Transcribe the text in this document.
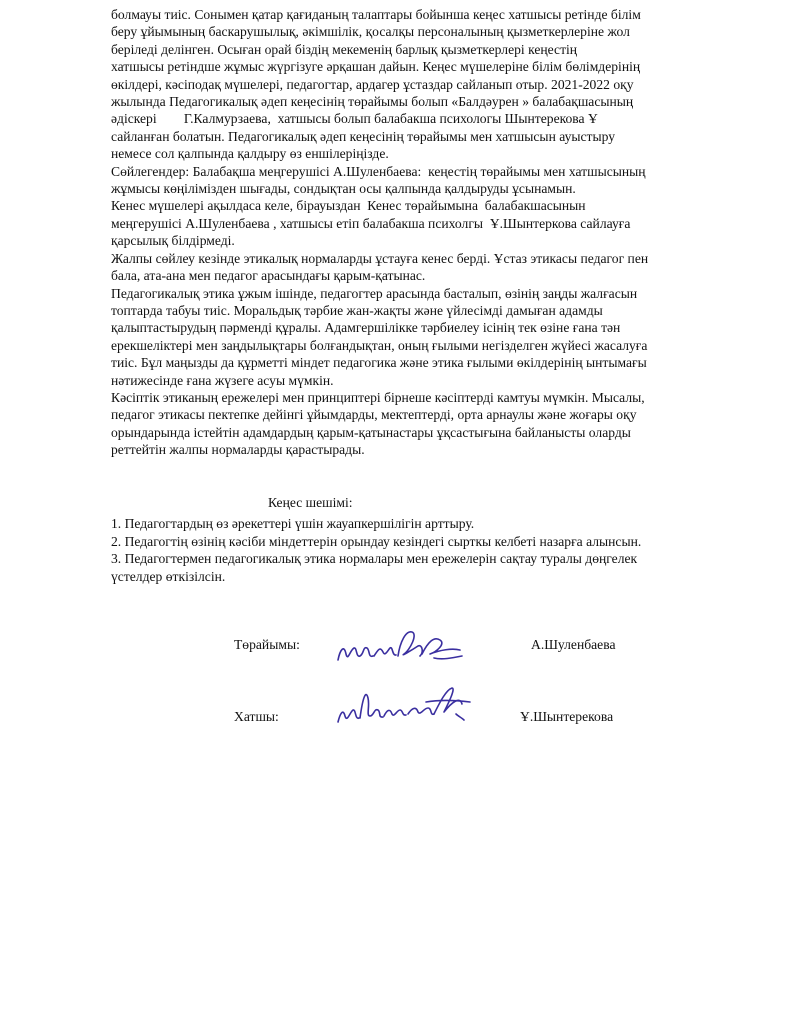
болмауы тиіс. Сонымен қатар қағиданың талаптары бойынша кеңес хатшысы ретінде білім
беру ұйымының баскарушылық, әкімшілік, қосалқы персоналының қызметкерлеріне жол
беріледі делінген. Осыған орай біздің мекеменің барлық қызметкерлері кеңестің
хатшысы ретіндше жұмыс жүргізуге әрқашан дайын. Кеңес мүшелеріне білім бөлімдерінің
өкілдері, кәсіподақ мүшелері, педагогтар, ардагер ұстаздар сайланып отыр. 2021-2022 оқу
жылында Педагогикалық әдеп кеңесінің төрайымы болып «Балдәурен » балабақшасының
әдіскері        Г.Калмурзаева,  хатшысы болып балабакша психологы Шынтерекова Ұ
сайланған болатын. Педагогикалық әдеп кеңесінің төрайымы мен хатшысын ауыстыру
немесе сол қалпында қалдыру өз еншілеріңізде.
Сөйлегендер: Балабақша меңгерушісі А.Шуленбаева:  кеңестің төрайымы мен хатшысының
жұмысы көңілімізден шығады, сондықтан осы қалпында қалдыруды ұсынамын.
Кенес мүшелері ақылдаса келе, бірауыздан  Кенес төрайымына  балабакшасынын
меңгерушісі А.Шуленбаева , хатшысы етіп балабакша психолгы  Ұ.Шынтеркова сайлауға
қарсылық білдірмеді.
Жалпы сөйлеу кезінде этикалық нормаларды ұстауға кенес берді. Ұстаз этикасы педагог пен
бала, ата-ана мен педагог арасындағы қарым-қатынас.
Педагогикалық этика ұжым ішінде, педагогтер арасында басталып, өзінің заңды жалғасын
топтарда табуы тиіс. Моральдық тәрбие жан-жақты және үйлесімді дамыған адамды
қалыптастырудың пәрменді құралы. Адамгершілікке тәрбиелеу ісінің тек өзіне ғана тән
ерекшеліктері мен заңдылықтары болғандықтан, оның ғылыми негізделген жүйесі жасалуға
тиіс. Бұл маңызды да құрметті міндет педагогика және этика ғылыми өкілдерінің ынтымағы
нәтижесінде ғана жүзеге асуы мүмкін.
Кәсіптік этиканың ережелері мен принциптері бірнеше кәсіптерді камтуы мүмкін. Мысалы,
педагог этикасы пектепке дейінгі ұйымдарды, мектептерді, орта арнаулы және жоғары оқу
орындарында істейтін адамдардың қарым-қатынастары ұқсастығына байланысты оларды
реттейтін жалпы нормаларды қарастырады.
Кеңес шешімі:
1. Педагогтардың өз әрекеттері үшін жауапкершілігін арттыру.
2. Педагогтің өзінің кәсіби міндеттерін орындау кезіндегі сырткы келбеті назарға алынсын.
3. Педагогтермен педагогикалық этика нормалары мен ережелерін сақтау туралы дөңгелек
үстелдер өткізілсін.
Төрайымы:	А.Шуленбаева
Хатшы:	Ұ.Шынтерекова
